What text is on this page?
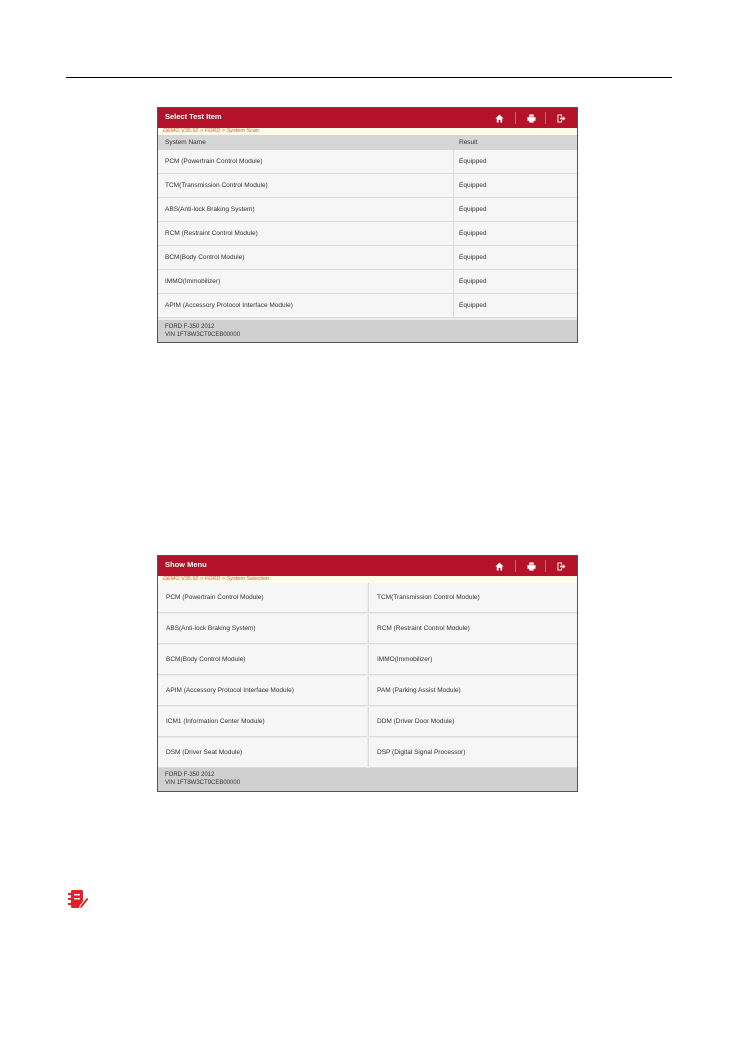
Select Test Item
DEMO V35.92 > FORD > System Scan
System Name	Result
PCM (Powertrain Control Module)	Equipped
TCM(Transmission Control Module)	Equipped
ABS(Anti-lock Braking System)	Equipped
RCM (Restraint Control Module)	Equipped
BCM(Body Control Module)	Equipped
IMMO(Immobilizer)	Equipped
APIM (Accessory Protocol Interface Module)	Equipped
FORD F-350 2012
VIN 1FT8W3CT9CEB00000
Show Menu
DEMO V35.92 > FORD > System Selection
PCM (Powertrain Control Module)	TCM(Transmission Control Module)
ABS(Anti-lock Braking System)	RCM (Restraint Control Module)
BCM(Body Control Module)	IMMO(Immobilizer)
APIM (Accessory Protocol Interface Module)	PAM (Parking Assist Module)
ICM1 (Information Center Module)	DDM (Driver Door Module)
DSM (Driver Seat Module)	DSP (Digital Signal Processor)
FORD F-350 2012
VIN 1FT8W3CT9CEB00000
